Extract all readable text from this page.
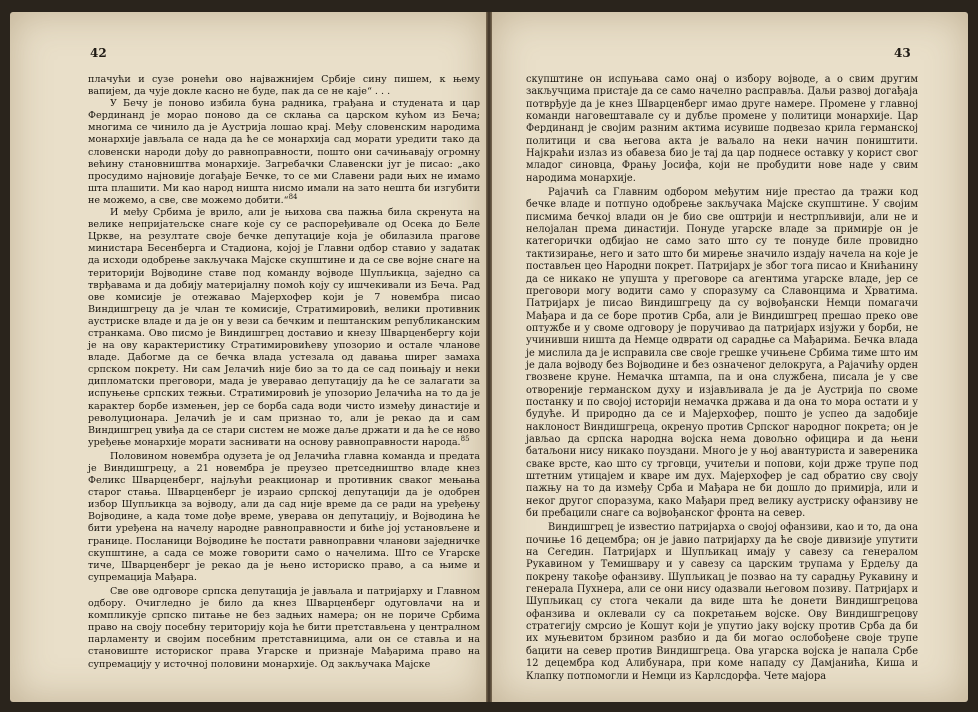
42

плачући и сузе ронећи ово најважнијем Србије сину пишем, к њему вапијем, да чује докле касно не буде, пак да се не каје“ . . .

У Бечу је поново избила буна радника, грађана и студената и цар Фердинанд је морао поново да се склања са царском кућом из Беча; многима се чинило да је Аустрија лошао крај. Међу словенским народима монархије јављала се нада да ће се монархија сад морати уредити тако да словенски народи дођу до равноправности, пошто они сачињавају огромну већину становништва монархије. Загребачки Славенски југ је писао: „ако просудимо најновије догађаје Бечке, то се ми Славени ради њих не имамо шта плашити. Ми као народ ништа нисмо имали на зато нешта би изгубити не можемо, а све, све можемо добити.“$^{84}$

И међу Србима је врило, али је њихова сва пажња била скренута на велике непријатељске снаге које су се распоређивале од Осека до Беле Цркве, на резултате своје бечке депутације која је обилазила прагове министара Бесенберга и Стадиона, којој је Главни одбор ставио у задатак да исходи одобрење закључака Мајске скупштине и да се све војне снаге на територији Војводине ставе под команду војводе Шупљикца, заједно са тврђавама и да добију материјалну помоћ коју су ишчекивали из Беча. Рад ове комисије је отежавао Мајерхофер који је 7 новембра писао Виндишгрецу да је члан те комисије, Стратимировић, велики противник аустриске владе и да је он у вези са бечким и пештанским републиканским странкама. Ово писмо је Виндишгрец доставио и кнезу Шварценбергу који је на ову карактеристику Стратимировићеву упозорио и остале чланове владе. Дабогме да се бечка влада устезала од давања ширег замаха српском покрету. Ни сам Јелачић није био за то да се сад поињају и неки дипломатски преговори, мада је уверавао депутацију да ће се залагати за испуњење српских тежњи. Стратимировић је упозорио Јелачића на то да је карактер борбе измењен, јер се борба сада води чисто између династије и револуционара. Јелачић је и сам признао то, али је рекао да и сам Виндишгрец увиђа да се стари систем не може даље држати и да ће се ново уређење монархије морати заснивати на основу равноправности народа.$^{85}$

Половином новембра одузета је од Јелачића главна команда и предата је Виндишгрецу, а 21 новембра је преузео претседништво владе кнез Феликс Шварценберг, најљући реакционар и противник сваког мењања старог стања. Шварценберг је израио српској депутацији да је одобрен избор Шупљикца за војводу, али да сад није време да се ради на уређењу Војводине, а када томе дође време, уверава он депутацију, и Војводина ће бити уређена на начелу народне равноправности и биће јој установљене и границе. Посланици Војводине ће постати равноправни чланови заједничке скупштине, а сада се може говорити само о начелима. Што се Угарске тиче, Шварценберг је рекао да је њено историско право, а са њиме и супремација Мађара.

Све ове одговоре српска депутација је јављала и патријарху и Главном одбору. Очигледно је било да кнез Шварценберг одуговлачи на и компликује српско питање не без задњих намера; он не пориче Србима право на своју посебну територију која ће бити претстављена у централном парламенту и својим посебним претставницима, али он се ставља и на становиште историског права Угарске и признаје Мађарима право на супремацију у источној половини монархије. Од закључака Мајске

43

скупштине он испуњава само онај о избору војводе, а о свим другим закључцима пристаје да се само начелно расправља. Даљи развој догађаја потврђује да је кнез Шварценберг имао друге намере. Промене у главној команди наговештавале су и дубље промене у политици монархије. Цар Фердинанд је својим разним актима исувише подвезао крила германској политици и сва његова акта је ваљало на неки начин поништити. Најкраћи излаз из обавеза био је тај да цар поднесе оставку у корист свог младог синовца, Фрању Јосифа, који не пробудити нове наде у свим народима монархије.

Рајачић са Главним одбором међутим није престао да тражи код бечке владе и потпуно одобрење закључака Мајске скупштине. У својим писмима бечкој влади он је био све оштрији и нестрпљивији, али не и нелојалан према династији. Понуде угарске владе за примирје он је категорички одбијао не само зато што су те понуде биле провидно тактизирање, него и зато што би мирење значило издају начела на које је постављен цео Народни покрет. Патријарх је због тога писао и Книћанину да се никако не упушта у преговоре са агентима угарске владе, јер се преговори могу водити само у споразуму са Славонцима и Хрватима. Патријарх је писао Виндишгрецу да су војвођански Немци помагачи Мађара и да се боре против Срба, али је Виндишгрец прешао преко ове оптужбе и у своме одговору је поручивао да патријарх изјужи у борби, не учинивши ништа да Немце одврати од сарадње са Мађарима. Бечка влада је мислила да је исправила све своје грешке учињене Србима тиме што им је дала војводу без Војводине и без означеног делокруга, а Рајачићу орден гвозвене круне. Немачка штампа, па и она службена, писала је у све отвореније германском духу и изјављивала је да је Аустрија по своме постанку и по својој историји немачка држава и да она то мора остати и у будуће. И природно да се и Мајерхофер, пошто је успео да задобије наклоност Виндишгреца, окренуо против Српског народног покрета; он је јављао да српска народна војска нема довољно официра и да њени батаљони нису никако поуздани. Много је у њој авантуриста и заверeника свакe врсте, као што су трговци, учитељи и попови, који држе трупе под штетним утицајем и кваре им дух. Мајерхофер је сад обратио сву своју пажњу на то да измеђy Срба и Мађара не би дошло до примирја, или и неког другог споразума, како Мађари пред великy аустриску офанзиву не би пребацили снаге са војвођанског фронта на север.

Виндишгрец је известио патријарха о својој офанзиви, као и то, да она почиње 16 децембра; он је јавио патријарху да ће своје дивизије упутити на Сегедин. Патријарх и Шупљикац имају у савезу са генералом Рукавином у Темишвару и у савезу са царским трупама у Ердељу да покрену такође офанзиву. Шупљикац је позвао на ту сарадњу Рукавину и генерала Пухнера, али се они нису одазвали његовом позиву. Патријарх и Шупљикац су стога чекали да виде шта ће донети Виндишгрецова офанзива и оклевали су са покретањем војске. Ову Виндишгрецову стратегију смрсио је Кошут који је упутио јаку војску против Срба да би их муњевитом брзином разбио и да би могао ослобођене своје трупе бацити на север против Виндишгреца. Ова угарска војска је напала Србе 12 децембра код Алибунара, при коме нападу су Дамјанића, Киша и Клапку потпомогли и Немци из Карлсдорфа. Чете мајора
